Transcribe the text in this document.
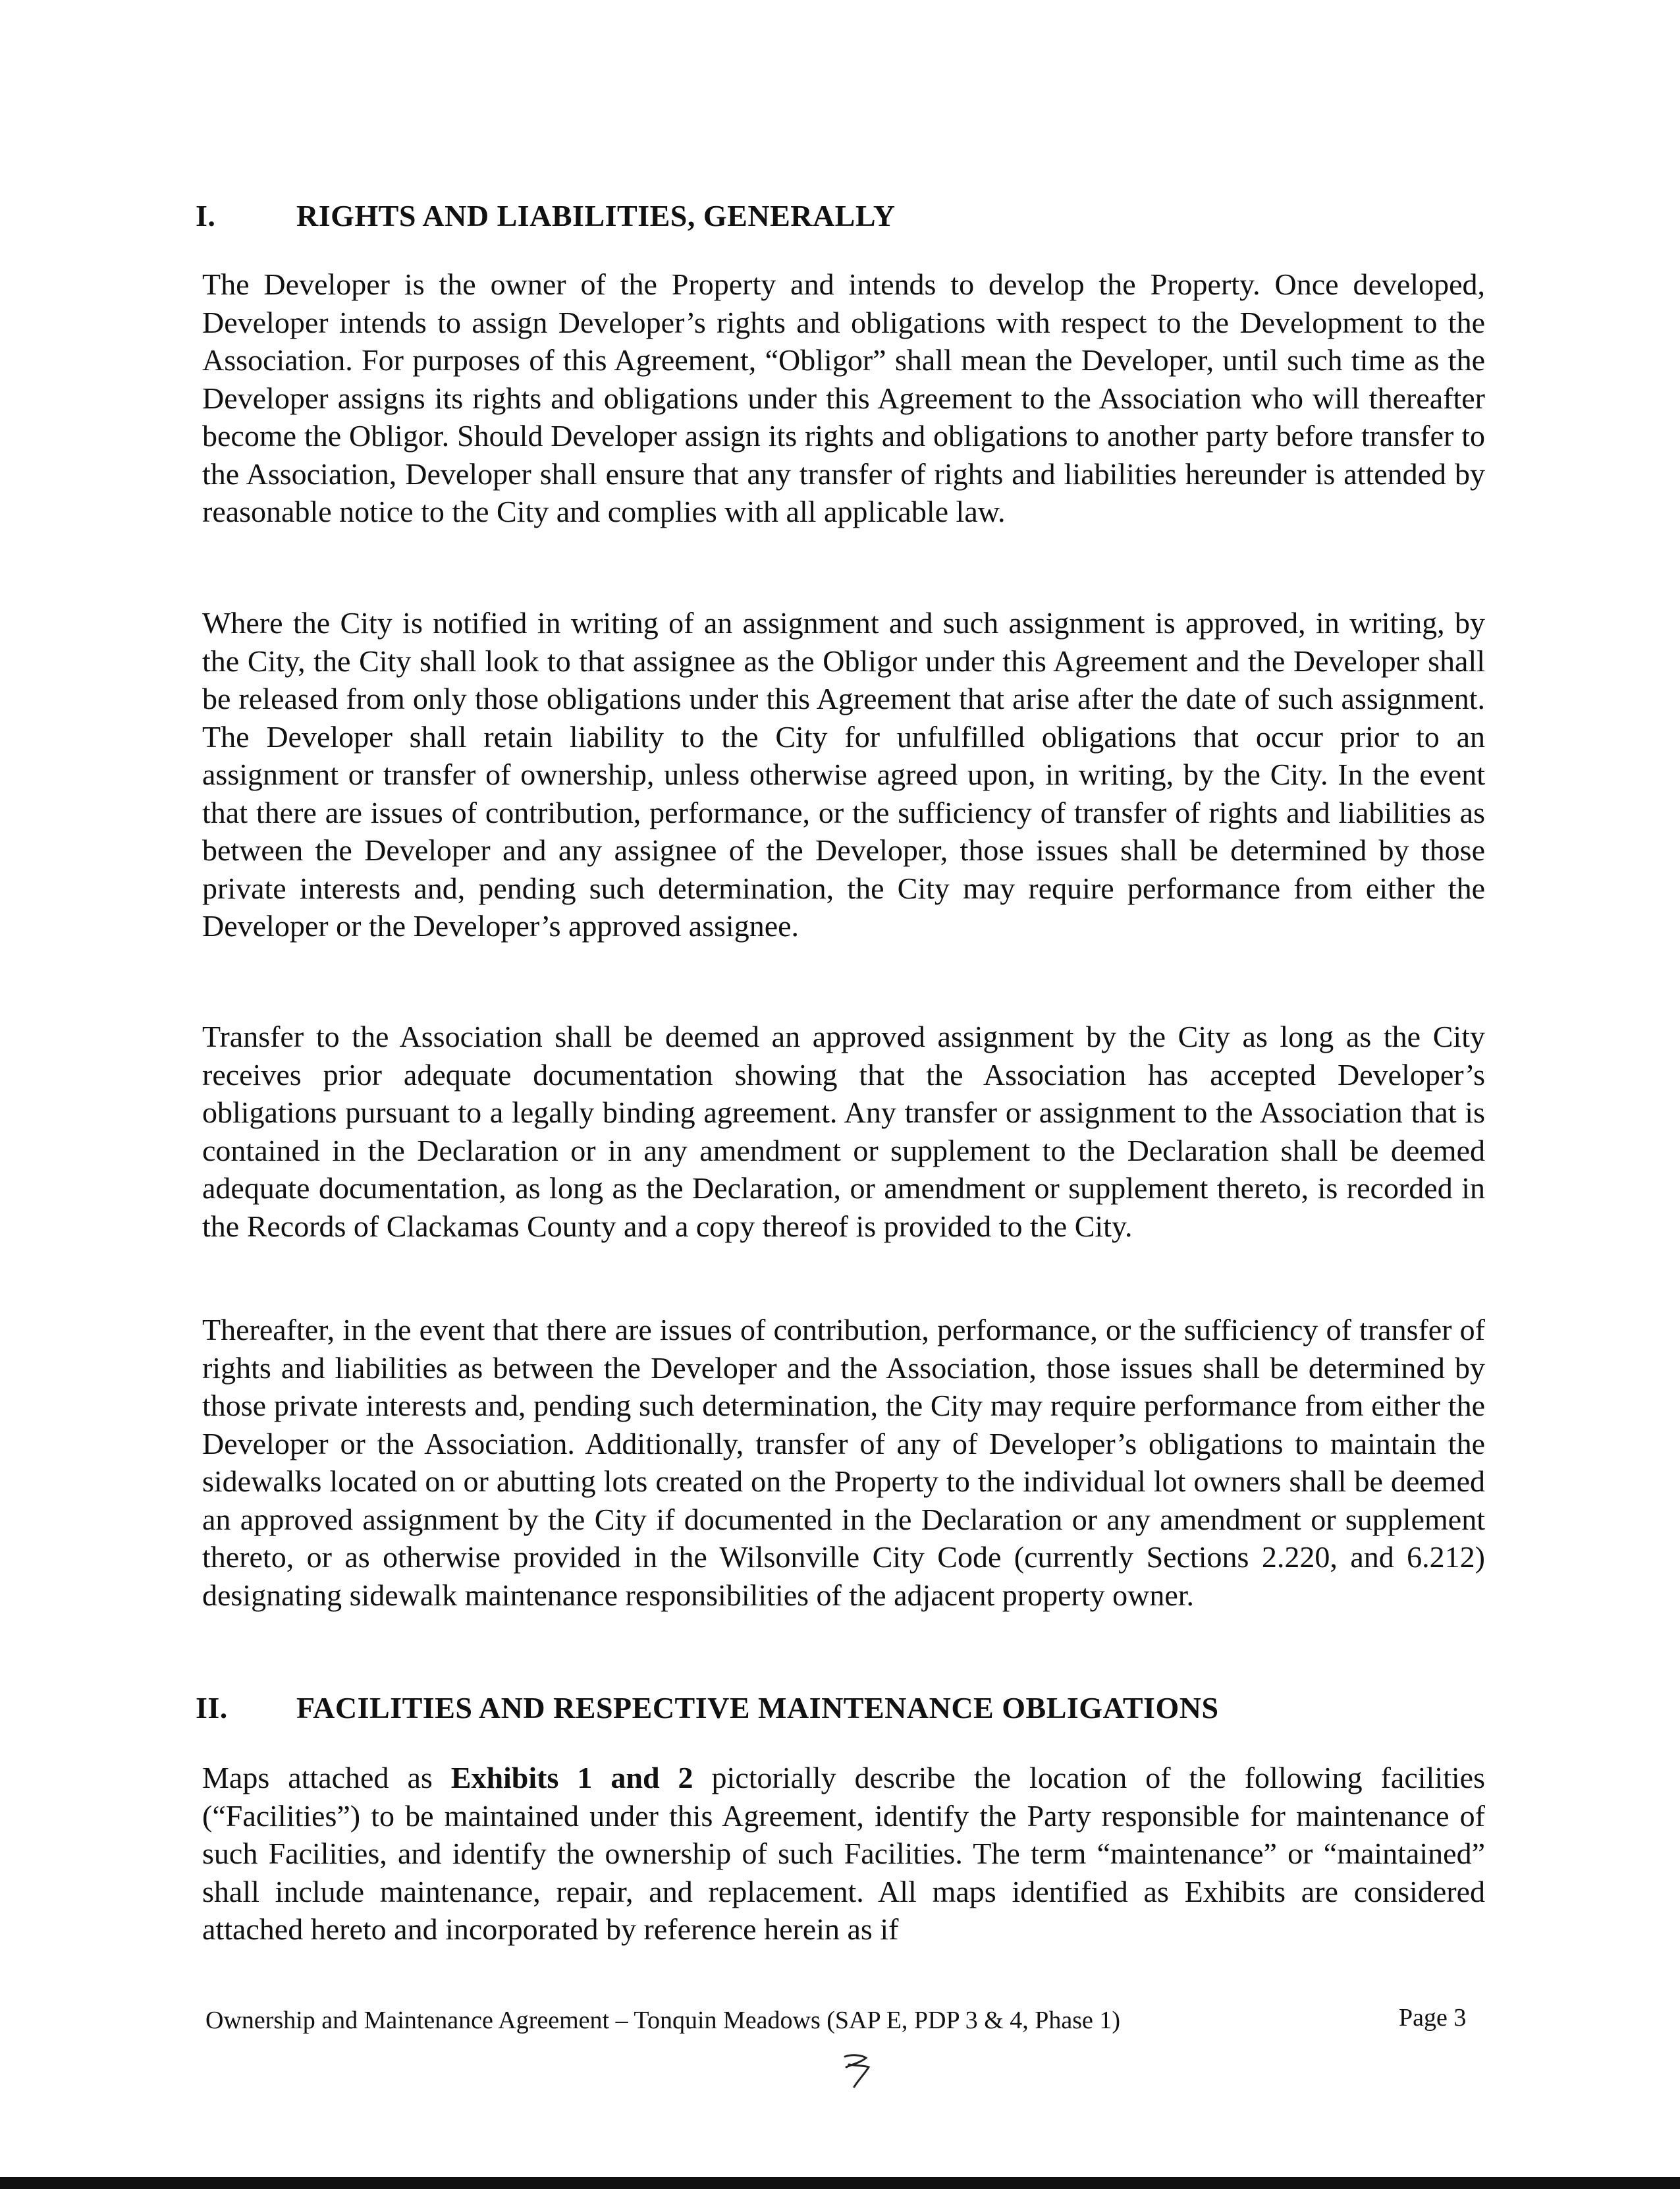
I.	RIGHTS AND LIABILITIES, GENERALLY

The Developer is the owner of the Property and intends to develop the Property. Once developed, Developer intends to assign Developer’s rights and obligations with respect to the Development to the Association. For purposes of this Agreement, “Obligor” shall mean the Developer, until such time as the Developer assigns its rights and obligations under this Agreement to the Association who will thereafter become the Obligor. Should Developer assign its rights and obligations to another party before transfer to the Association, Developer shall ensure that any transfer of rights and liabilities hereunder is attended by reasonable notice to the City and complies with all applicable law.

Where the City is notified in writing of an assignment and such assignment is approved, in writing, by the City, the City shall look to that assignee as the Obligor under this Agreement and the Developer shall be released from only those obligations under this Agreement that arise after the date of such assignment. The Developer shall retain liability to the City for unfulfilled obligations that occur prior to an assignment or transfer of ownership, unless otherwise agreed upon, in writing, by the City. In the event that there are issues of contribution, performance, or the sufficiency of transfer of rights and liabilities as between the Developer and any assignee of the Developer, those issues shall be determined by those private interests and, pending such determination, the City may require performance from either the Developer or the Developer’s approved assignee.

Transfer to the Association shall be deemed an approved assignment by the City as long as the City receives prior adequate documentation showing that the Association has accepted Developer’s obligations pursuant to a legally binding agreement. Any transfer or assignment to the Association that is contained in the Declaration or in any amendment or supplement to the Declaration shall be deemed adequate documentation, as long as the Declaration, or amendment or supplement thereto, is recorded in the Records of Clackamas County and a copy thereof is provided to the City.

Thereafter, in the event that there are issues of contribution, performance, or the sufficiency of transfer of rights and liabilities as between the Developer and the Association, those issues shall be determined by those private interests and, pending such determination, the City may require performance from either the Developer or the Association. Additionally, transfer of any of Developer’s obligations to maintain the sidewalks located on or abutting lots created on the Property to the individual lot owners shall be deemed an approved assignment by the City if documented in the Declaration or any amendment or supplement thereto, or as otherwise provided in the Wilsonville City Code (currently Sections 2.220, and 6.212) designating sidewalk maintenance responsibilities of the adjacent property owner.

II. FACILITIES AND RESPECTIVE MAINTENANCE OBLIGATIONS

Maps attached as Exhibits 1 and 2 pictorially describe the location of the following facilities (“Facilities”) to be maintained under this Agreement, identify the Party responsible for maintenance of such Facilities, and identify the ownership of such Facilities. The term “maintenance” or “maintained” shall include maintenance, repair, and replacement. All maps identified as Exhibits are considered attached hereto and incorporated by reference herein as if

Ownership and Maintenance Agreement – Tonquin Meadows (SAP E, PDP 3 & 4, Phase 1)	Page 3
